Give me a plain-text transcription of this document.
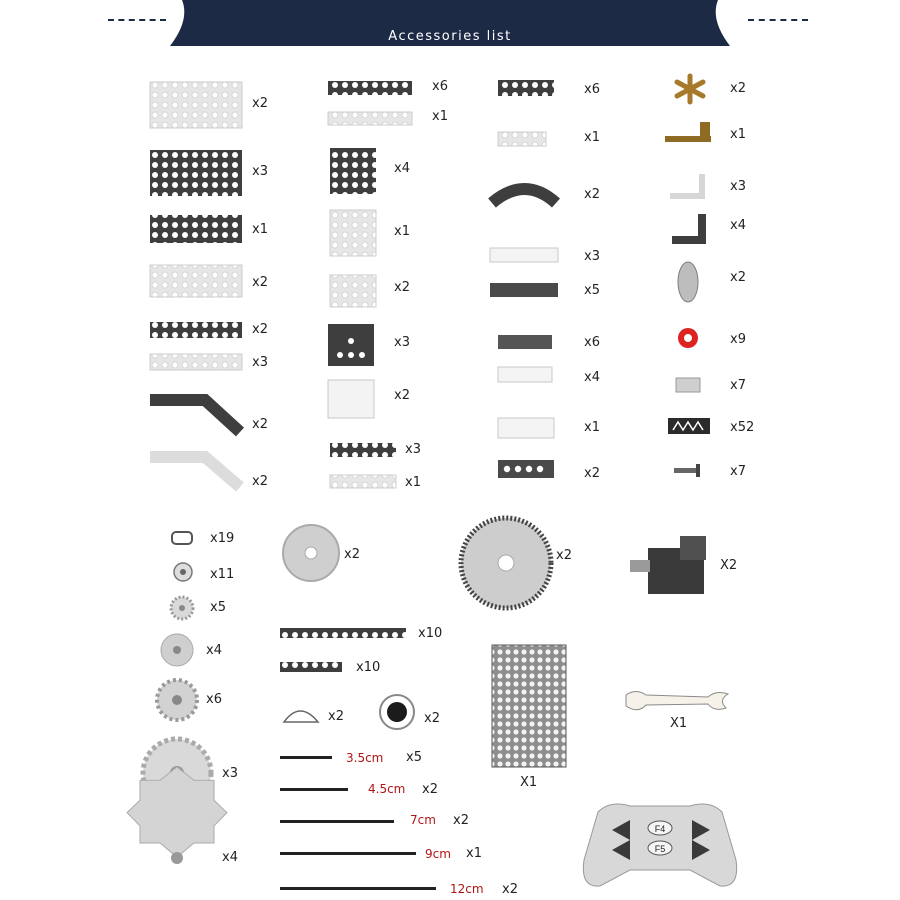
Accessories list
F4
F5
x2
x3
x1
x2
x2
x3
x2
x2
x6
x1
x4
x1
x2
x3
x2
x3
x1
x6
x1
x2
x3
x5
x6
x4
x1
x2
x2
x1
x3
x4
x2
x9
x7
x52
x7
x19
x11
x5
x4
x6
x3
x4
x2	x2
X2
x10
x10
x2	x2
X1
X1
3.5cm x5
4.5cm x2
7cm x2
9cm x1
12cm x2
